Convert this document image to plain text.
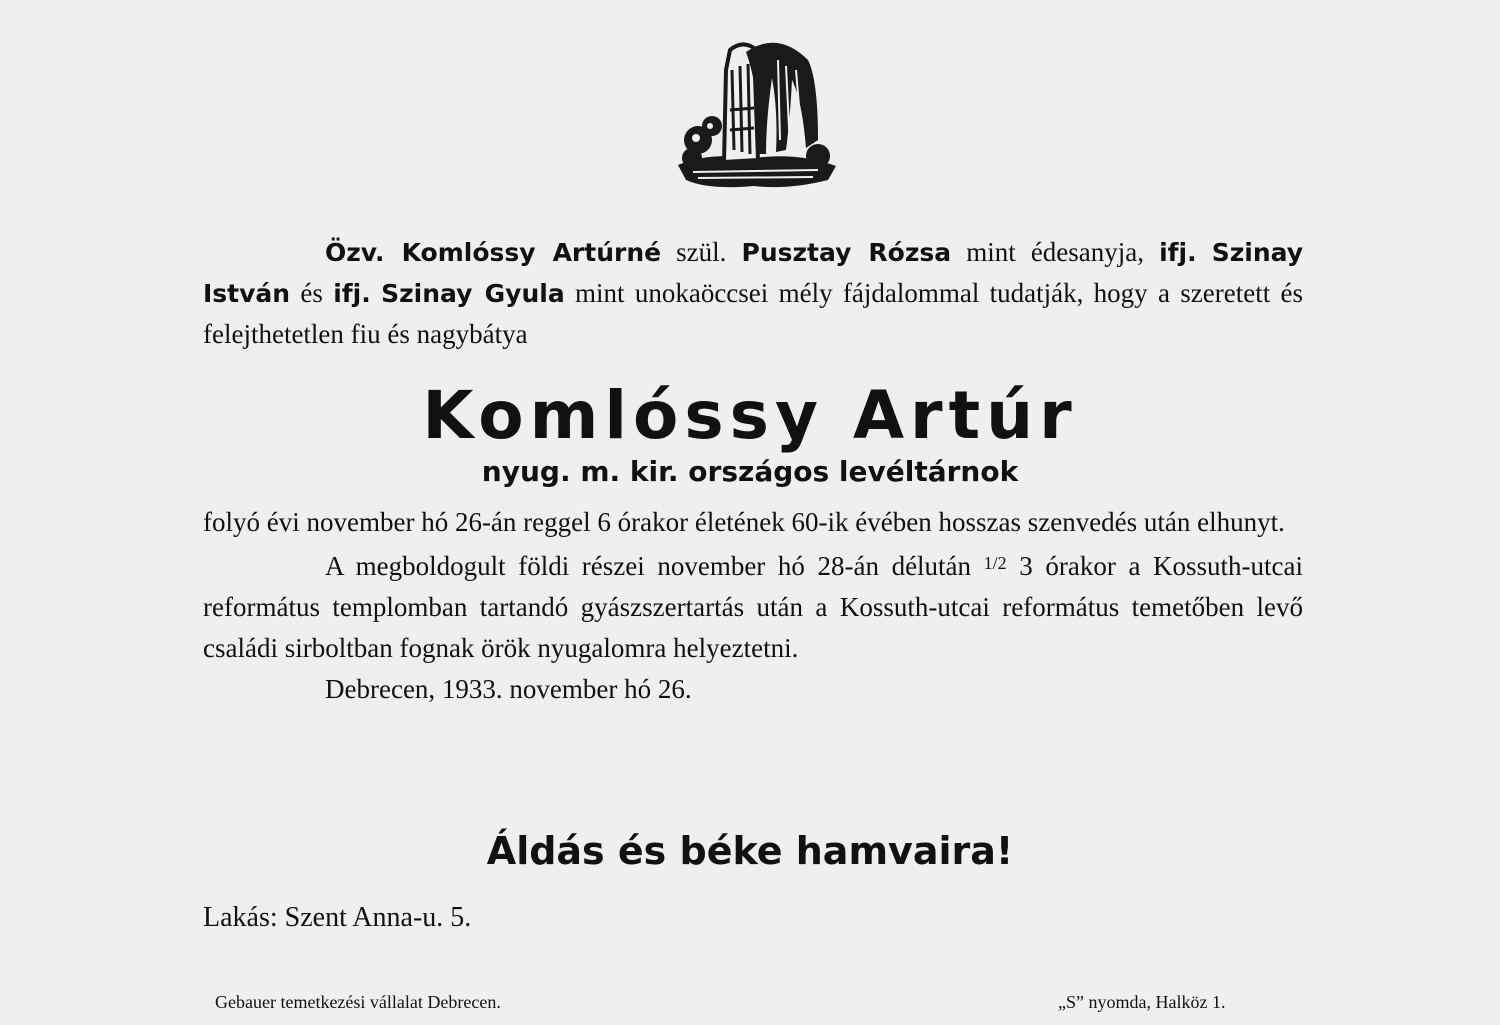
Özv. Komlóssy Artúrné szül. Pusztay Rózsa mint édesanyja, ifj. Szinay István és ifj. Szinay Gyula mint unokaöccsei mély fájdalommal tudatják, hogy a szeretett és felejthetetlen fiu és nagybátya
Komlóssy Artúr
nyug. m. kir. országos levéltárnok

folyó évi november hó 26-án reggel 6 órakor életének 60-ik évében hosszas szenvedés után elhunyt.

A megboldogult földi részei november hó 28-án délután $^{1/2}$ 3 órakor a Kossuth-utcai református templomban tartandó gyászszertartás után a Kossuth-utcai református temetőben levő családi sirboltban fognak örök nyugalomra helyeztetni.

Debrecen, 1933. november hó 26.

Áldás és béke hamvaira!
Lakás: Szent Anna-u. 5.
Gebauer temetkezési vállalat Debrecen.	„S” nyomda, Halköz 1.
